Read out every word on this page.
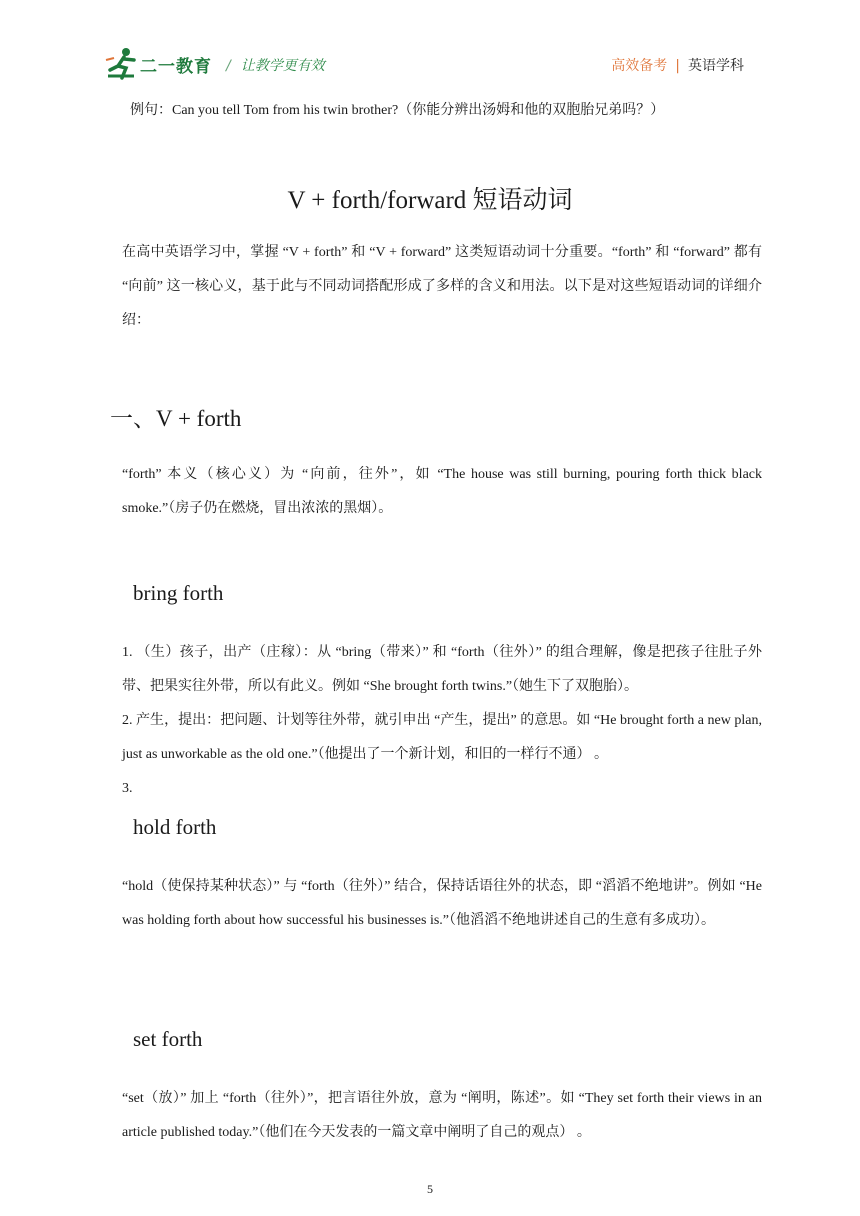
二一教育 / 让教学更有效	高效备考 | 英语学科
例句：Can you tell Tom from his twin brother?（你能分辨出汤姆和他的双胞胎兄弟吗？）
V + forth/forward 短语动词
在高中英语学习中，掌握 “V + forth” 和 “V + forward” 这类短语动词十分重要。“forth” 和 “forward” 都有 “向前” 这一核心义，基于此与不同动词搭配形成了多样的含义和用法。以下是对这些短语动词的详细介绍：
一、V + forth
“forth” 本义（核心义）为 “向前，往外”，如 “The house was still burning, pouring forth thick black smoke.”（房子仍在燃烧，冒出浓浓的黑烟）。
bring forth
1. （生）孩子，出产（庄稼）：从 “bring（带来）” 和 “forth（往外）” 的组合理解，像是把孩子往肚子外带、把果实往外带，所以有此义。例如 “She brought forth twins.”（她生下了双胞胎）。
2. 产生，提出：把问题、计划等往外带，就引申出 “产生，提出” 的意思。如 “He brought forth a new plan, just as unworkable as the old one.”（他提出了一个新计划，和旧的一样行不通） 。
3.
hold forth
“hold（使保持某种状态）” 与 “forth（往外）” 结合，保持话语往外的状态，即 “滔滔不绝地讲”。例如 “He was holding forth about how successful his businesses is.”（他滔滔不绝地讲述自己的生意有多成功）。
set forth
“set（放）” 加上 “forth（往外）”，把言语往外放，意为 “阐明，陈述”。如 “They set forth their views in an article published today.”（他们在今天发表的一篇文章中阐明了自己的观点） 。
5
